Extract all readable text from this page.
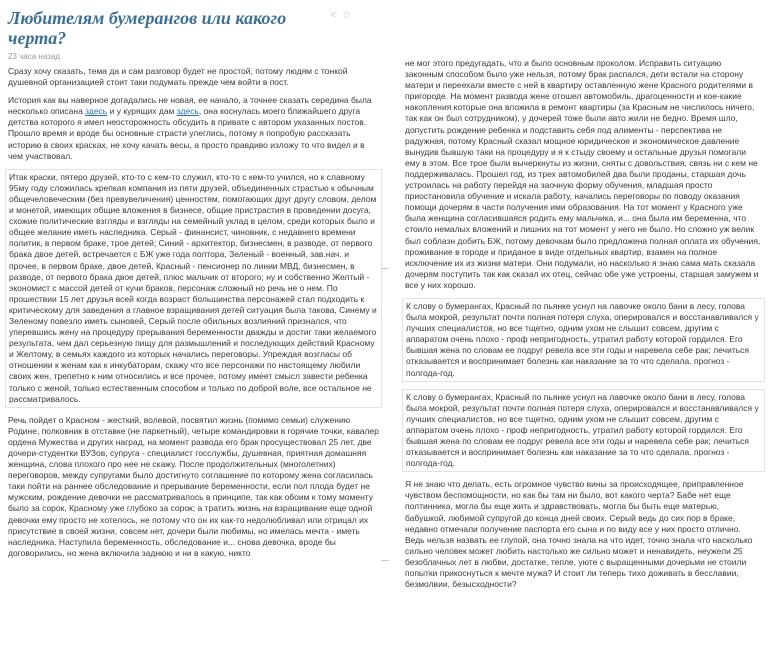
Любителям бумерангов или какого черта?
<☆
23 часа назад

Сразу хочу сказать, тема да и сам разговор будет не простой, потому людям с тонкой душевной организацией стоит таки подумать прежде чем войти в пост.

История как вы наверное догадались не новая, ее начало, а точнее сказать середина была несколько описана здесь и у курящих дам здесь, она коснулась моего ближайшего друга детства которого я имел неосторожность обсудить в привате с автором указанных постов. Прошло время и вроде бы основные страсти улеглись, потому я попробую рассказать историю в своих красках, не хочу качать весы, а просто правдиво изложу то что видел и в чем участвовал.

Итак краски, пятеро друзей, кто-то с кем-то служил, кто-то с кем-то учился, но к славному 95му году сложилась крепкая компания из пяти друзей, объединенных страстью к обычным общечеловеческим (без превувеличения) ценностям, помогающих друг другу словом, делом и монетой, имеющих общие вложения в бизнесе, общие пристрастия в проведении досуга, схожие политические взгляды и взгляды на семейный уклад в целом, среди которых было и общее желание иметь наследника. Серый - финансист, чиновник, с недавнего времени политик, в первом браке, трое детей; Синий - архитектор, бизнесмен, в разводе, от первого брака двое детей, встречается с БЖ уже года полтора, Зеленый - военный, зав.нач. и прочее, в первом браке, двое детей, Красный - пенсионер по линии МВД, бизнесмен, в разводе, от первого брака двое детей, плюс мальчик от второго; ну и собственно Желтый - экономист с массой детей от кучи браков, персонаж сложный но речь не о нем. По прошествии 15 лет друзья всей когда возраст большинства персонажей стал подходить к критическому для заведения а главное взращивания детей ситуация была такова, Синему и Зеленому повезло иметь сыновей, Серый после обильных возлияний признался, что уперевшись жену на процедуру прерывания беременности дважды и достиг таки желаемого результата, чем дал серьезную пищу для размышлений и последующих действий Красному и Желтому, в семьях каждого из которых начались переговоры. Упреждая возгласы об отношении к женам как к инкубаторам, скажу что все персонажи по настоящему любили своих жен, трепетно к ним относились и все прочее, потому имеет смысл завести ребенка только с женой, только естественным способом и только по доброй воле, все остальное не рассматривалось.

Речь пойдет о Красном - жесткий, волевой, посвятил жизнь (помимо семьи) служению Родине, полковник в отставке (не паркетный), четыре командировки в горячие точки, кавалер ордена Мужества и других наград, на момент развода его брак просуществовал 25 лет, две дочери-студентки ВУЗов, супруга - специалист госслужбы, душевная, приятная домашняя женщина, слова плохого про нее не скажу. После продолжительных (многолетних) переговоров, между супругами было достигнуто соглашение по которому жена согласилась таки пойти на раннее обследование и прерывание беременности, если пол плода будет не мужским, рождение девочки не рассматривалось в принципе, так как обоим к тому моменту было за сорок, Красному уже глубоко за сорок; а тратить жизнь на взращивание еще одной девочки ему просто не хотелось, не потому что он их как-то недолюбливал или отрицал их присутствие в своей жизни, совсем нет, дочери были любимы, но имелась мечта - иметь наследника. Наступила беременность, обследование и... снова девочка, вроде бы договорились, но жена включила заднюю и ни в какую, никто

не мог этого предугадать, что и было основным проколом. Исправить ситуацию законным способом было уже нельзя, потому брак распался, дети встали на сторону матери и переехали вместе с ней в квартиру оставленную жене Красного родителями в пригороде. На момент развода жене отошел автомобиль, драгоценности и кое-какие накопления которые она вложила в ремонт квартиры (за Красным не числилось ничего, так как он был сотрудником), у дочерей тоже были авто жили не бедно. Время шло, допустить рождение ребенка и подставить себя под алименты - перспектива не радужная, потому Красный сказал мощное юридическое и экономическое давление вынудив бывшую таки на процедуру и я к стыду своему и остальные друзья помогали ему в этом. Все трое были вычеркнуты из жизни, сняты с довольствия, связь ни с кем не поддерживалась. Прошел год, из трех автомобилей два были проданы, старшая дочь устроилась на работу перейдя на заочную форму обучения, младшая просто приостановила обучение и искала работу, начались переговоры по поводу оказания помощи дочерям в части получения ими образования. На тот момент у Красного уже была женщина согласившаяся родить ему мальчика. и... она была им беременна, что стоило немалых вложений и лишних на тот момент у него не было. Но сложно уж велик был соблазн добить БЖ, потому девочкам было предложена полная оплата их обучения, проживание в городе и приданое в виде отдельных квартир, взамен на полное исключение их из жизни матери. Они подумали, но насколько я знаю сама мать сказала дочерям поступить так как сказал их отец, сейчас обе уже устроены, старшая замужем и все у них хорошо.

К слову о бумерангах, Красный по пьянке уснул на лавочке около бани в лесу, голова была мокрой, результат почти полная потеря слуха, оперировался и восстанавливался у лучших специалистов, но все тщетно, одним ухом не слышит совсем, другим с аппаратом очень плохо - проф непригодность, утратил работу которой гордился. Его бывшая жена по словам ее подруг ревела все эти годы и наревела себе рак; лечиться отказывается и воспринимает болезнь как наказание за то что сделала. прогноз - полгода-год.

К слову о бумерангах, Красный по пьянке уснул на лавочке около бани в лесу, голова была мокрой, результат почти полная потеря слуха, оперировался и восстанавливался у лучших специалистов, но все тщетно, одним ухом не слышит совсем, другим с аппаратом очень плохо - проф непригодность, утратил работу которой гордился. Его бывшая жена по словам ее подруг ревела все эти годы и наревела себе рак; лечиться отказывается и воспринимает болезнь как наказание за то что сделала. прогноз - полгода-год.

Я не знаю что делать, есть огромное чувство вины за происходящее, приправленное чувством беспомощности, но как бы там ни было, вот какого черта? Бабе нет еще полтинника, могла бы еще жить и здравствовать, могла бы быть еще матерью, бабушкой, любимой супругой до конца дней своих. Серый ведь до сих пор в браке, недавно отмечали получение паспорта его сына и по виду все у них просто отлично. Ведь нельзя назвать ее глупой, она точно знала на что идет, точно знала что насколько сильно человек может любить настолько же сильно может и ненавидеть, неужели 25 безоблачных лет в любви, достатке, тепле, уюте с выращенными дочерьми не стоили попытки прикоснуться к мечте мужа? И стоит ли теперь тихо доживать в бесславии, безмолвии, безысходности?
